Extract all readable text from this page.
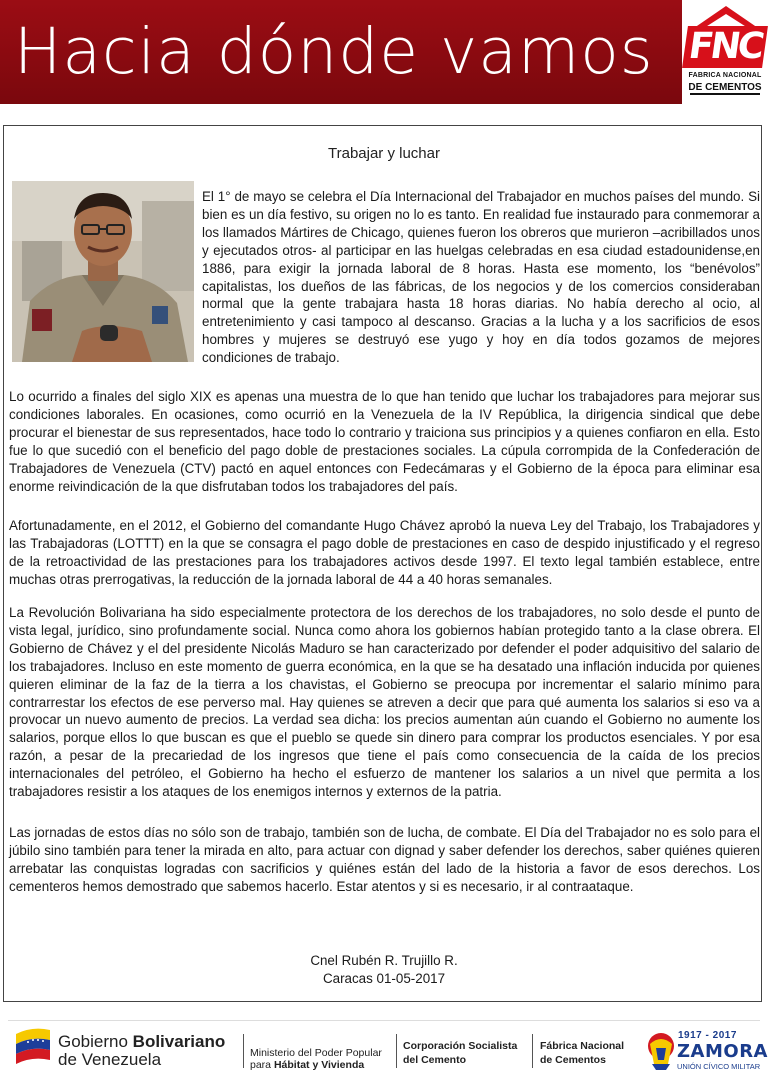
Hacia dónde vamos FNC
FABRICA NACIONAL
DE CEMENTOS
Trabajar y luchar
El 1° de mayo se celebra el Día Internacional del Trabajador en muchos países del mundo. Si bien es un día festivo, su origen no lo es tanto. En realidad fue instaurado para conmemorar a los llamados Mártires de Chicago, quienes fueron los obreros que murieron –acribillados unos y ejecutados otros- al participar en las huelgas celebradas en esa ciudad estadounidense,en 1886, para exigir la jornada laboral de 8 horas. Hasta ese momento, los “benévolos” capitalistas, los dueños de las fábricas, de los negocios y de los comercios consideraban normal que la gente trabajara hasta 18 horas diarias. No había derecho al ocio, al entretenimiento y casi tampoco al descanso. Gracias a la lucha y a los sacrificios de esos hombres y mujeres se destruyó ese yugo y hoy en día todos gozamos de mejores condiciones de trabajo.
Lo ocurrido a finales del siglo XIX es apenas una muestra de lo que han tenido que luchar los trabajadores para mejorar sus condiciones laborales. En ocasiones, como ocurrió en la Venezuela de la IV República, la dirigencia sindical que debe procurar el bienestar de sus representados, hace todo lo contrario y traiciona sus principios y a quienes confiaron en ella. Esto fue lo que sucedió con el beneficio del pago doble de prestaciones sociales. La cúpula corrompida de la Confederación de Trabajadores de Venezuela (CTV) pactó en aquel entonces con Fedecámaras y el Gobierno de la época para eliminar esa enorme reivindicación de la que disfrutaban todos los trabajadores del país.
Afortunadamente, en el 2012, el Gobierno del comandante Hugo Chávez aprobó la nueva Ley del Trabajo, los Trabajadores y las Trabajadoras (LOTTT) en la que se consagra el pago doble de prestaciones en caso de despido injustificado y el regreso de la retroactividad de las prestaciones para los trabajadores activos desde 1997. El texto legal también establece, entre muchas otras prerrogativas, la reducción de la jornada laboral de 44 a 40 horas semanales.
La Revolución Bolivariana ha sido especialmente protectora de los derechos de los trabajadores, no solo desde el punto de vista legal, jurídico, sino profundamente social. Nunca como ahora los gobiernos habían protegido tanto a la clase obrera. El Gobierno de Chávez y el del presidente Nicolás Maduro se han caracterizado por defender el poder adquisitivo del salario de los trabajadores. Incluso en este momento de guerra económica, en la que se ha desatado una inflación inducida por quienes quieren eliminar de la faz de la tierra a los chavistas, el Gobierno se preocupa por incrementar el salario mínimo para contrarrestar los efectos de ese perverso mal. Hay quienes se atreven a decir que para qué aumenta los salarios si eso va a provocar un nuevo aumento de precios. La verdad sea dicha: los precios aumentan aún cuando el Gobierno no aumente los salarios, porque ellos lo que buscan es que el pueblo se quede sin dinero para comprar los productos esenciales. Y por esa razón, a pesar de la precariedad de los ingresos que tiene el país como consecuencia de la caída de los precios internacionales del petróleo, el Gobierno ha hecho el esfuerzo de mantener los salarios a un nivel que permita a los trabajadores resistir a los ataques de los enemigos internos y externos de la patria.
Las jornadas de estos días no sólo son de trabajo, también son de lucha, de combate. El Día del Trabajador no es solo para el júbilo sino también para tener la mirada en alto, para actuar con dignad y saber defender los derechos, saber quiénes quieren arrebatar las conquistas logradas con sacrificios y quiénes están del lado de la historia a favor de esos derechos. Los cementeros hemos demostrado que sabemos hacerlo. Estar atentos y si es necesario, ir al contraataque.
Cnel Rubén R. Trujillo R.
Caracas 01-05-2017
Gobierno Bolivariano
de Venezuela	Ministerio del Poder Popular
para Hábitat y Vivienda
Corporación Socialista
del Cemento
Fábrica Nacional
de Cementos
1917 - 2017
ZAMORA
UNIÓN CÍVICO MILITAR
